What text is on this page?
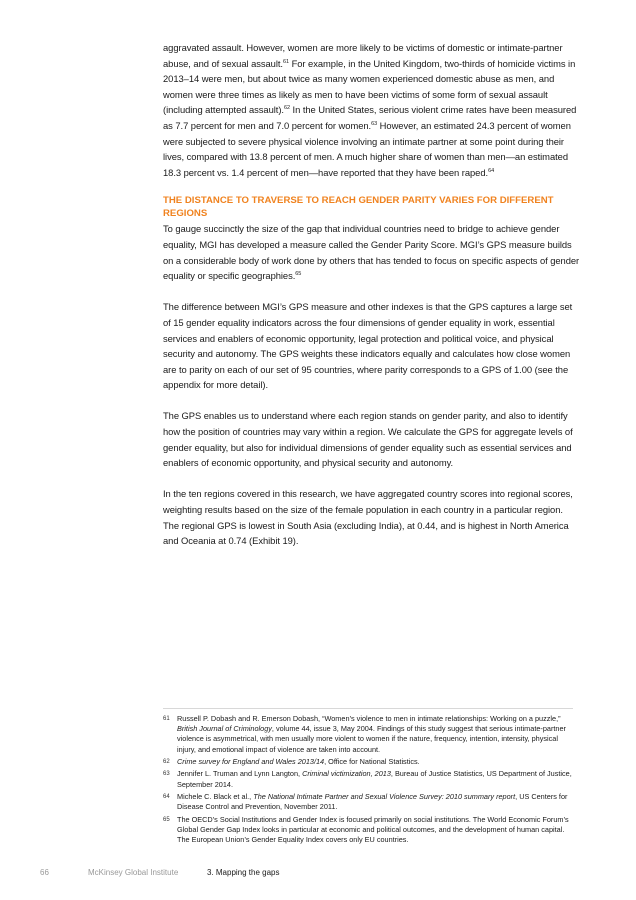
aggravated assault. However, women are more likely to be victims of domestic or intimate-partner abuse, and of sexual assault.$^{61}$ For example, in the United Kingdom, two-thirds of homicide victims in 2013–14 were men, but about twice as many women experienced domestic abuse as men, and women were three times as likely as men to have been victims of some form of sexual assault (including attempted assault).$^{62}$ In the United States, serious violent crime rates have been measured as 7.7 percent for men and 7.0 percent for women.$^{63}$ However, an estimated 24.3 percent of women were subjected to severe physical violence involving an intimate partner at some point during their lives, compared with 13.8 percent of men. A much higher share of women than men—an estimated 18.3 percent vs. 1.4 percent of men—have reported that they have been raped.$^{64}$

THE DISTANCE TO TRAVERSE TO REACH GENDER PARITY VARIES FOR DIFFERENT REGIONS

To gauge succinctly the size of the gap that individual countries need to bridge to achieve gender equality, MGI has developed a measure called the Gender Parity Score. MGI’s GPS measure builds on a considerable body of work done by others that has tended to focus on specific aspects of gender equality or specific geographies.$^{65}$

The difference between MGI’s GPS measure and other indexes is that the GPS captures a large set of 15 gender equality indicators across the four dimensions of gender equality in work, essential services and enablers of economic opportunity, legal protection and political voice, and physical security and autonomy. The GPS weights these indicators equally and calculates how close women are to parity on each of our set of 95 countries, where parity corresponds to a GPS of 1.00 (see the appendix for more detail).

The GPS enables us to understand where each region stands on gender parity, and also to identify how the position of countries may vary within a region. We calculate the GPS for aggregate levels of gender equality, but also for individual dimensions of gender equality such as essential services and enablers of economic opportunity, and physical security and autonomy.

In the ten regions covered in this research, we have aggregated country scores into regional scores, weighting results based on the size of the female population in each country in a particular region. The regional GPS is lowest in South Asia (excluding India), at 0.44, and is highest in North America and Oceania at 0.74 (Exhibit 19).

61	Russell P. Dobash and R. Emerson Dobash, “Women’s violence to men in intimate relationships: Working on a puzzle,” British Journal of Criminology, volume 44, issue 3, May 2004. Findings of this study suggest that serious intimate-partner violence is asymmetrical, with men usually more violent to women if the nature, frequency, intention, intensity, physical injury, and emotional impact of violence are taken into account.
62	Crime survey for England and Wales 2013/14, Office for National Statistics.
63	Jennifer L. Truman and Lynn Langton, Criminal victimization, 2013, Bureau of Justice Statistics, US Department of Justice, September 2014.
64	Michele C. Black et al., The National Intimate Partner and Sexual Violence Survey: 2010 summary report, US Centers for Disease Control and Prevention, November 2011.
65	The OECD’s Social Institutions and Gender Index is focused primarily on social institutions. The World Economic Forum’s Global Gender Gap Index looks in particular at economic and political outcomes, and the development of human capital. The European Union’s Gender Equality Index covers only EU countries.
66	McKinsey Global Institute	3. Mapping the gaps
